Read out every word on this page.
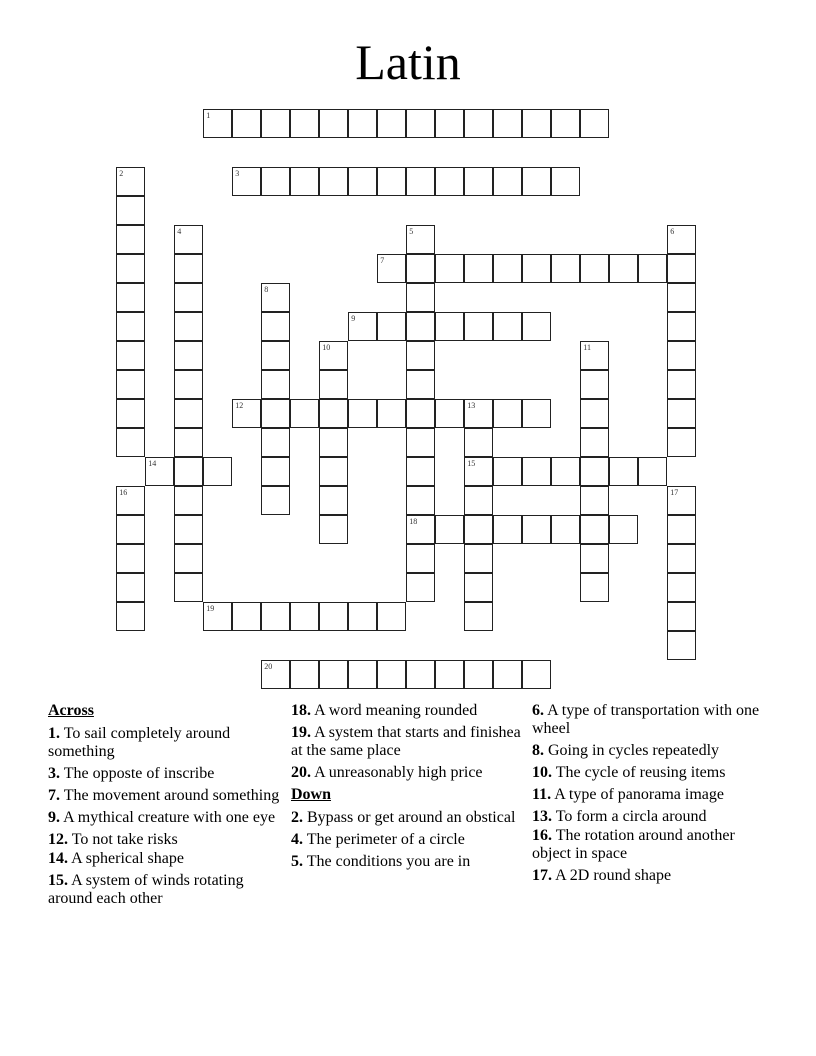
Latin
1
2	3
4	5
18
6
7
8
9
10	11
12	13
15
14
16	17
19
20
Across
1. To sail completely around something
3. The opposte of inscribe
7. The movement around something
9. A mythical creature with one eye
12. To not take risks
14. A spherical shape
15. A system of winds rotating around each other
18. A word meaning rounded
19. A system that starts and finishea at the same place
20. A unreasonably high price
Down
2. Bypass or get around an obstical
4. The perimeter of a circle
5. The conditions you are in
6. A type of transportation with one wheel
8. Going in cycles repeatedly
10. The cycle of reusing items
11. A type of panorama image
13. To form a circla around
16. The rotation around another object in space
17. A 2D round shape
